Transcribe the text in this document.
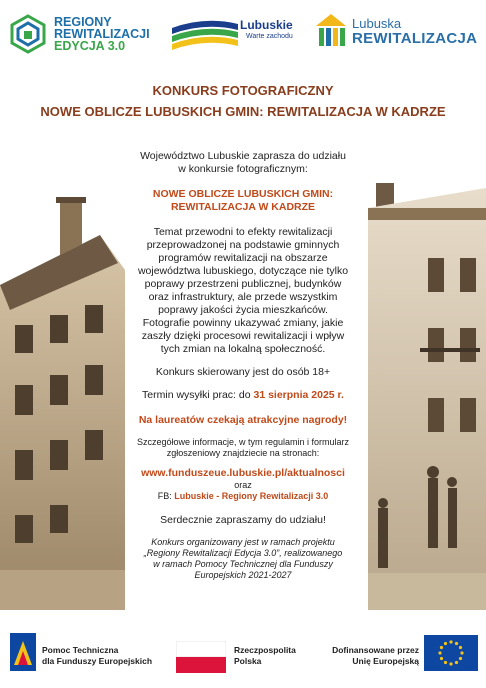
REGIONY
REWITALIZACJI
EDYCJA 3.0
Lubuskie
Warte zachodu
Lubuska
REWITALIZACJA
KONKURS FOTOGRAFICZNY
NOWE OBLICZE LUBUSKICH GMIN: REWITALIZACJA W KADRZE

Województwo Lubuskie zaprasza do udziału

w konkursie fotograficznym:

NOWE OBLICZE LUBUSKICH GMIN:

REWITALIZACJA W KADRZE

Temat przewodni to efekty rewitalizacji

przeprowadzonej na podstawie gminnych

programów rewitalizacji na obszarze

województwa lubuskiego, dotyczące nie tylko

poprawy przestrzeni publicznej, budynków

oraz infrastruktury, ale przede wszystkim

poprawy jakości życia mieszkańców.

Fotografie powinny ukazywać zmiany, jakie

zaszły dzięki procesowi rewitalizacji i wpływ

tych zmian na lokalną społeczność.

Konkurs skierowany jest do osób 18+

Termin wysyłki prac: do 31 sierpnia 2025 r.

Na laureatów czekają atrakcyjne nagrody!

Szczegółowe informacje, w tym regulamin i formularz

zgłoszeniowy znajdziecie na stronach:

www.funduszeue.lubuskie.pl/aktualnosci

oraz

FB: Lubuskie - Regiony Rewitalizacji 3.0

Serdecznie zapraszamy do udziału!

Konkurs organizowany jest w ramach projektu

„Regiony Rewitalizacji Edycja 3.0”, realizowanego

w ramach Pomocy Technicznej dla Funduszy

Europejskich 2021-2027

Pomoc Techniczna
dla Funduszy Europejskich
Rzeczpospolita
Polska
Dofinansowane przez
Unię Europejską
